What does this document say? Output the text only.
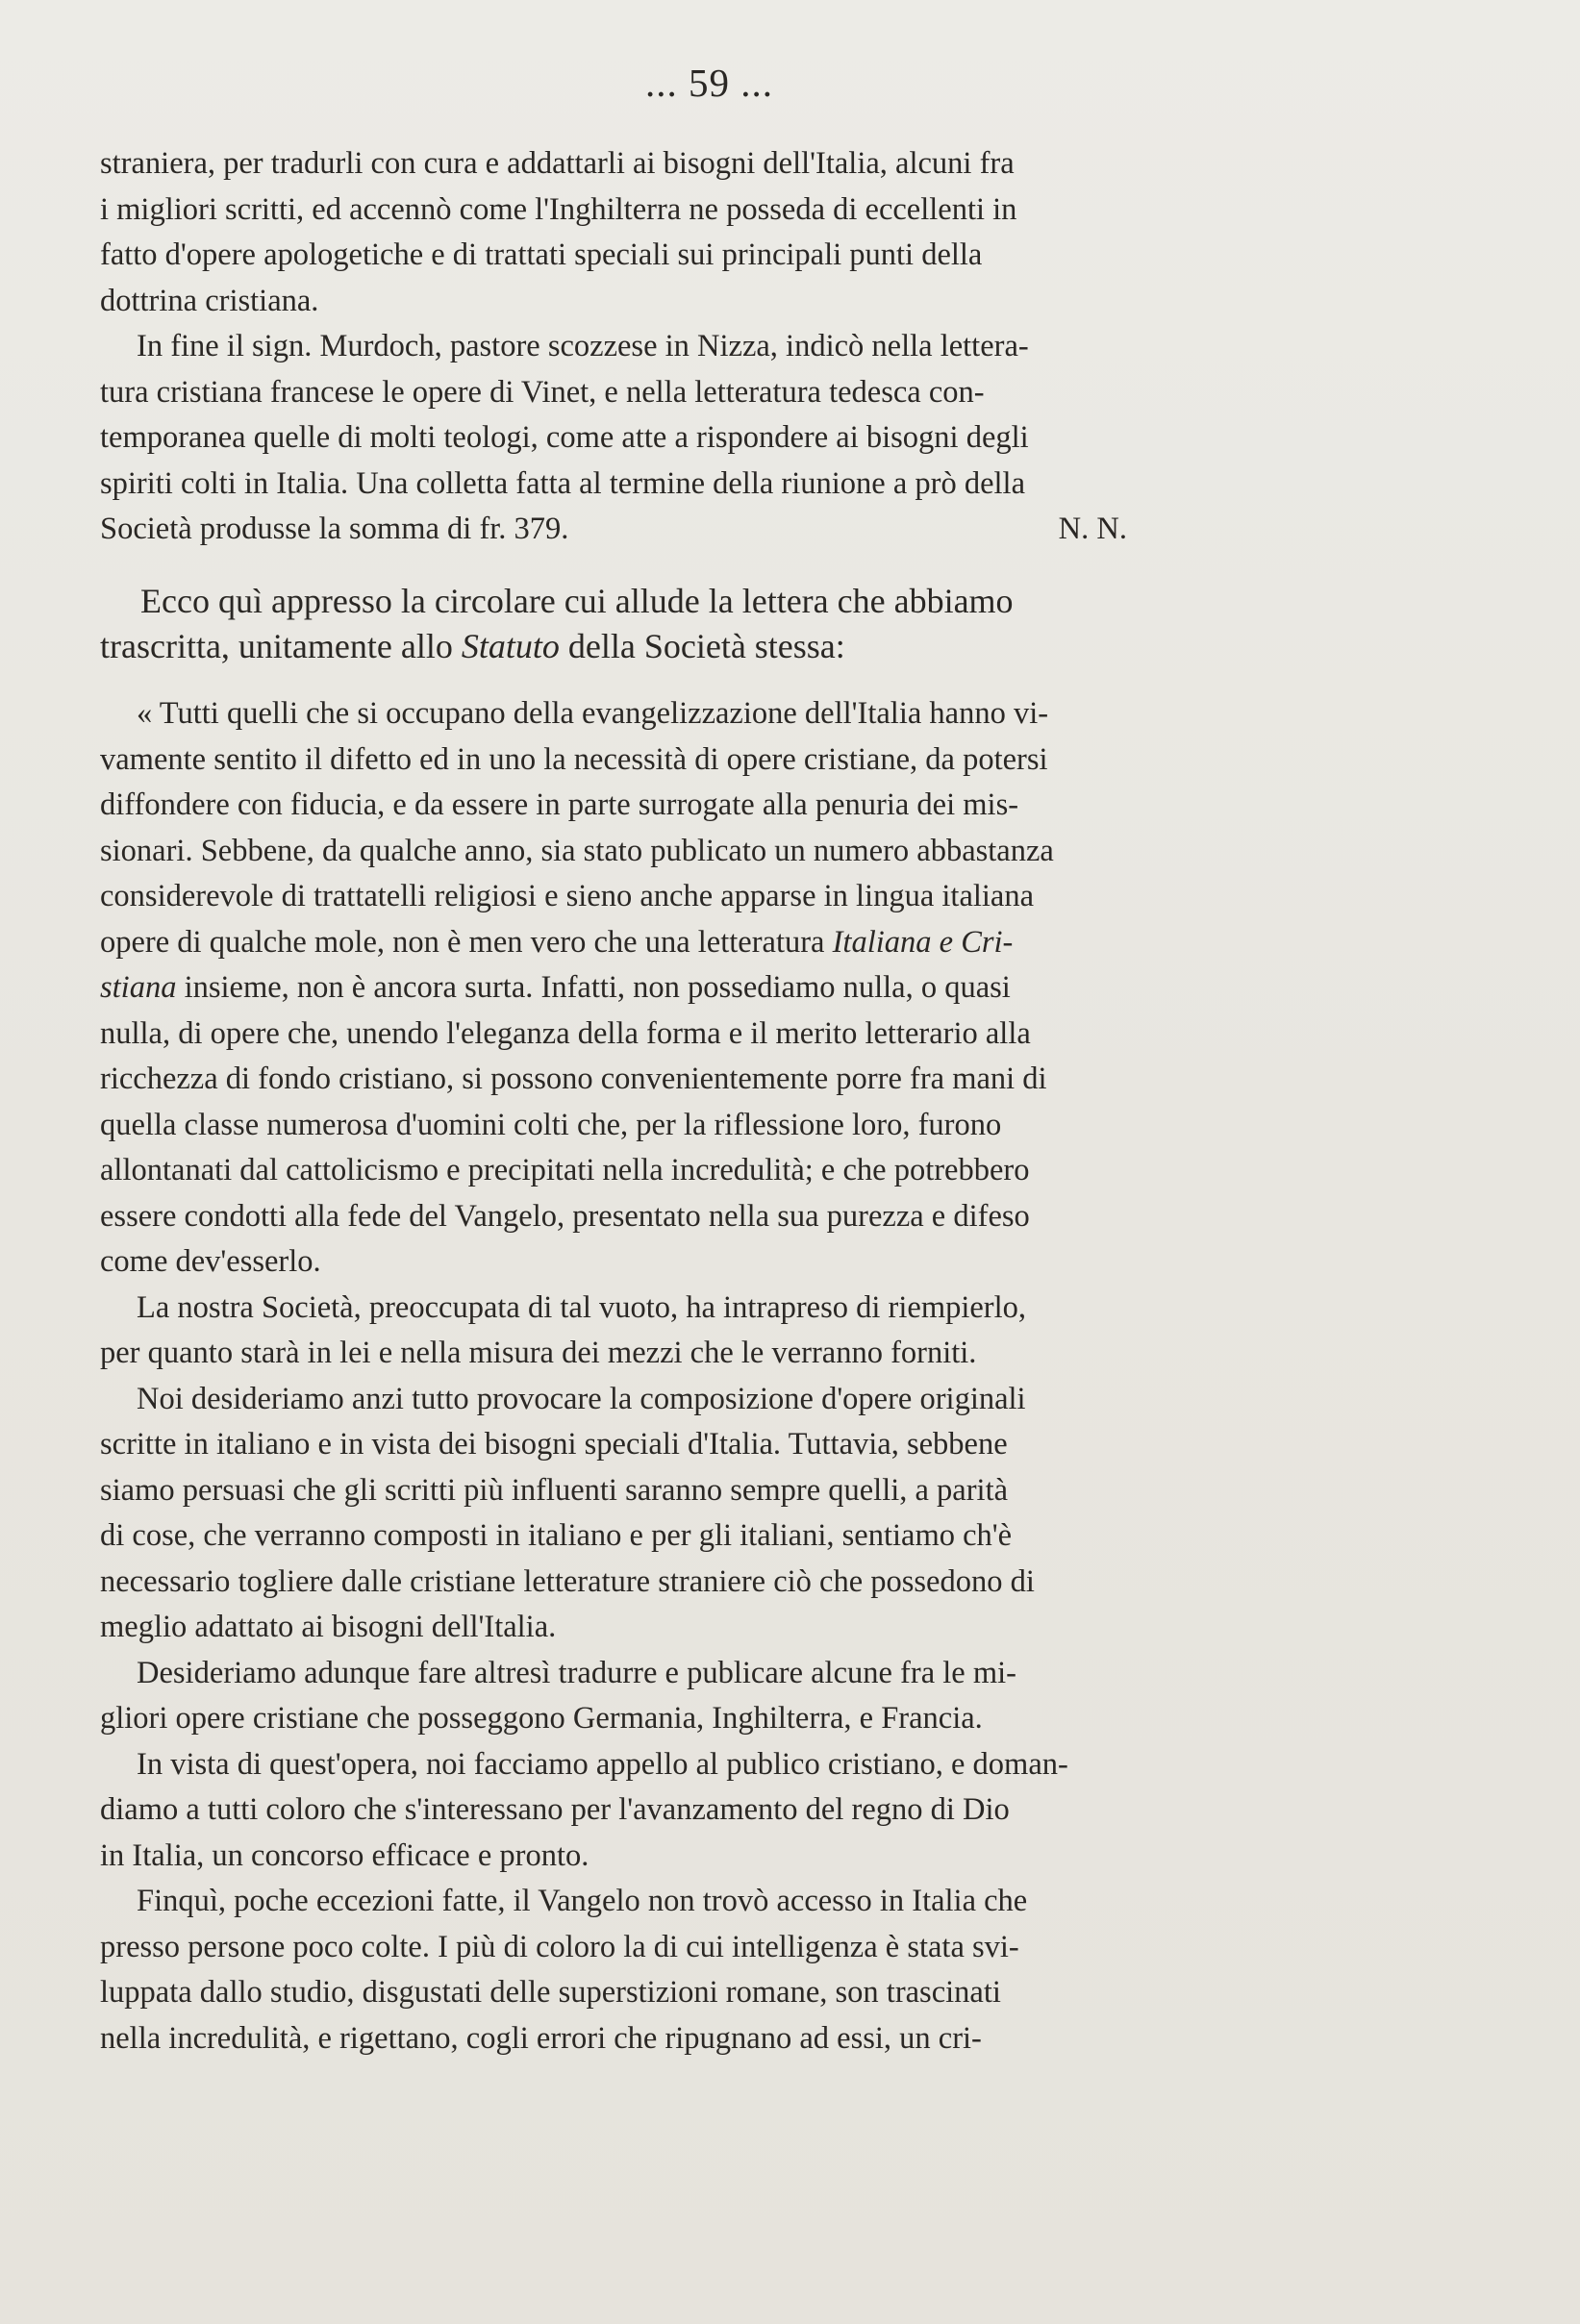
... 59 ...

straniera, per tradurli con cura e addattarli ai bisogni dell'Italia, alcuni fra
i migliori scritti, ed accennò come l'Inghilterra ne posseda di eccellenti in
fatto d'opere apologetiche e di trattati speciali sui principali punti della
dottrina cristiana.

In fine il sign. Murdoch, pastore scozzese in Nizza, indicò nella lettera-
tura cristiana francese le opere di Vinet, e nella letteratura tedesca con-
temporanea quelle di molti teologi, come atte a rispondere ai bisogni degli
spiriti colti in Italia. Una colletta fatta al termine della riunione a prò della

Società produsse la somma di fr. 379.	N. N.

Ecco quì appresso la circolare cui allude la lettera che abbiamo
trascritta, unitamente allo Statuto della Società stessa:

« Tutti quelli che si occupano della evangelizzazione dell'Italia hanno vi-
vamente sentito il difetto ed in uno la necessità di opere cristiane, da potersi
diffondere con fiducia, e da essere in parte surrogate alla penuria dei mis-
sionari. Sebbene, da qualche anno, sia stato publicato un numero abbastanza
considerevole di trattatelli religiosi e sieno anche apparse in lingua italiana
opere di qualche mole, non è men vero che una letteratura Italiana e Cri-
stiana insieme, non è ancora surta. Infatti, non possediamo nulla, o quasi
nulla, di opere che, unendo l'eleganza della forma e il merito letterario alla
ricchezza di fondo cristiano, si possono convenientemente porre fra mani di
quella classe numerosa d'uomini colti che, per la riflessione loro, furono
allontanati dal cattolicismo e precipitati nella incredulità; e che potrebbero
essere condotti alla fede del Vangelo, presentato nella sua purezza e difeso
come dev'esserlo.

La nostra Società, preoccupata di tal vuoto, ha intrapreso di riempierlo,
per quanto starà in lei e nella misura dei mezzi che le verranno forniti.

Noi desideriamo anzi tutto provocare la composizione d'opere originali
scritte in italiano e in vista dei bisogni speciali d'Italia. Tuttavia, sebbene
siamo persuasi che gli scritti più influenti saranno sempre quelli, a parità
di cose, che verranno composti in italiano e per gli italiani, sentiamo ch'è
necessario togliere dalle cristiane letterature straniere ciò che possedono di
meglio adattato ai bisogni dell'Italia.

Desideriamo adunque fare altresì tradurre e publicare alcune fra le mi-
gliori opere cristiane che posseggono Germania, Inghilterra, e Francia.

In vista di quest'opera, noi facciamo appello al publico cristiano, e doman-
diamo a tutti coloro che s'interessano per l'avanzamento del regno di Dio
in Italia, un concorso efficace e pronto.

Finquì, poche eccezioni fatte, il Vangelo non trovò accesso in Italia che
presso persone poco colte. I più di coloro la di cui intelligenza è stata svi-
luppata dallo studio, disgustati delle superstizioni romane, son trascinati
nella incredulità, e rigettano, cogli errori che ripugnano ad essi, un cri-
